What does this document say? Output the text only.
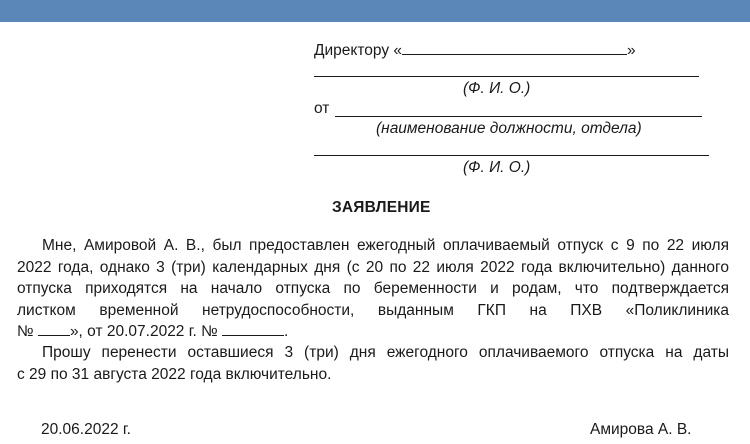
Директору «	»
(Ф. И. О.)
от
(наименование должности, отдела)
(Ф. И. О.)
ЗАЯВЛЕНИЕ
Мне, Амировой А. В., был предоставлен ежегодный оплачиваемый отпуск с 9 по 22 июля
2022 года, однако 3 (три) календарных дня (с 20 по 22 июля 2022 года включительно) данного
отпуска приходятся на начало отпуска по беременности и родам, что подтверждается
листком временной нетрудоспособности, выданным ГКП на ПХВ «Поликлиника
№ », от 20.07.2022 г. №	.
Прошу перенести оставшиеся 3 (три) дня ежегодного оплачиваемого отпуска на даты
с 29 по 31 августа 2022 года включительно.
20.06.2022 г.	Амирова А. В.
